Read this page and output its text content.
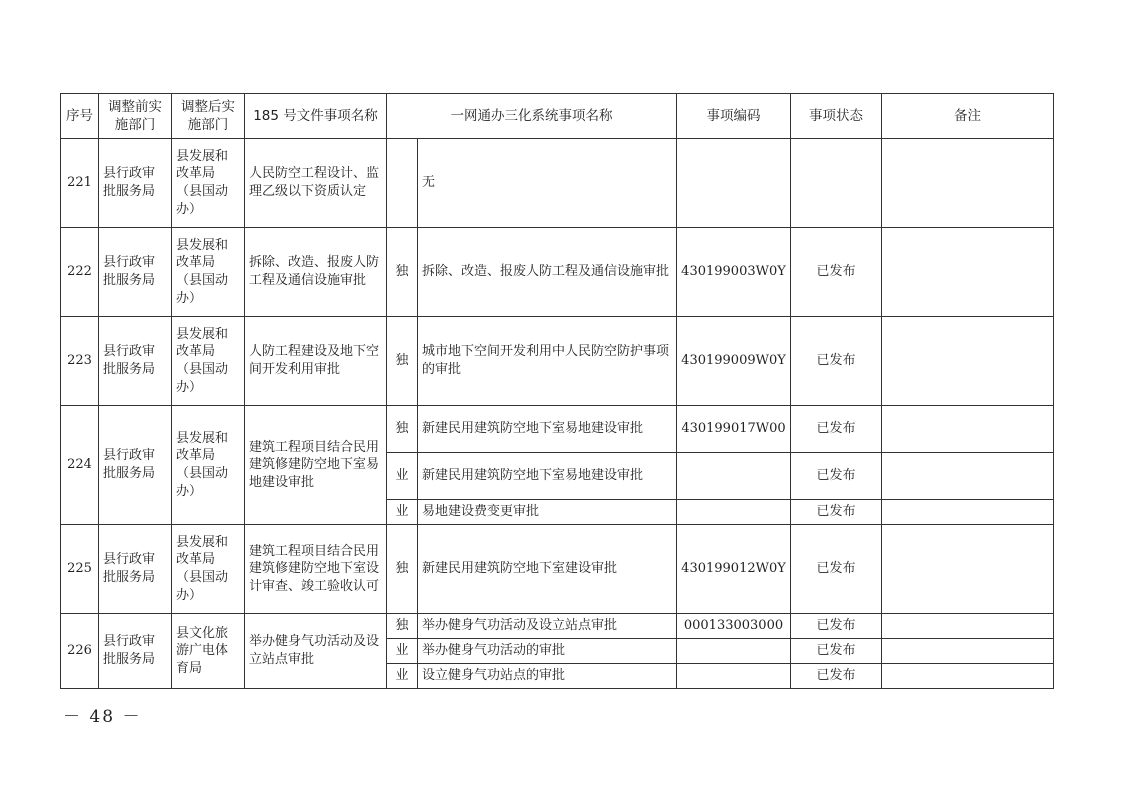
序号	调整前实施部门	调整后实施部门	185 号文件事项名称	一网通办三化系统事项名称		事项编码	事项状态	备注
221	县行政审批服务局	县发展和改革局（县国动办）	人民防空工程设计、监理乙级以下资质认定		无			
222	县行政审批服务局	县发展和改革局（县国动办）	拆除、改造、报废人防工程及通信设施审批	独	拆除、改造、报废人防工程及通信设施审批	430199003W0Y	已发布	
223	县行政审批服务局	县发展和改革局（县国动办）	人防工程建设及地下空间开发利用审批	独	城市地下空间开发利用中人民防空防护事项的审批	430199009W0Y	已发布	
224	县行政审批服务局	县发展和改革局（县国动办）	建筑工程项目结合民用建筑修建防空地下室易地建设审批	独	新建民用建筑防空地下室易地建设审批	430199017W00	已发布	
				业	新建民用建筑防空地下室易地建设审批		已发布	
				业	易地建设费变更审批		已发布	
225	县行政审批服务局	县发展和改革局（县国动办）	建筑工程项目结合民用建筑修建防空地下室设计审查、竣工验收认可	独	新建民用建筑防空地下室建设审批	430199012W0Y	已发布	
226	县行政审批服务局	县文化旅游广电体育局	举办健身气功活动及设立站点审批	独	举办健身气功活动及设立站点审批	000133003000	已发布	
				业	举办健身气功活动的审批		已发布	
				业	设立健身气功站点的审批		已发布	
－ 48 －
